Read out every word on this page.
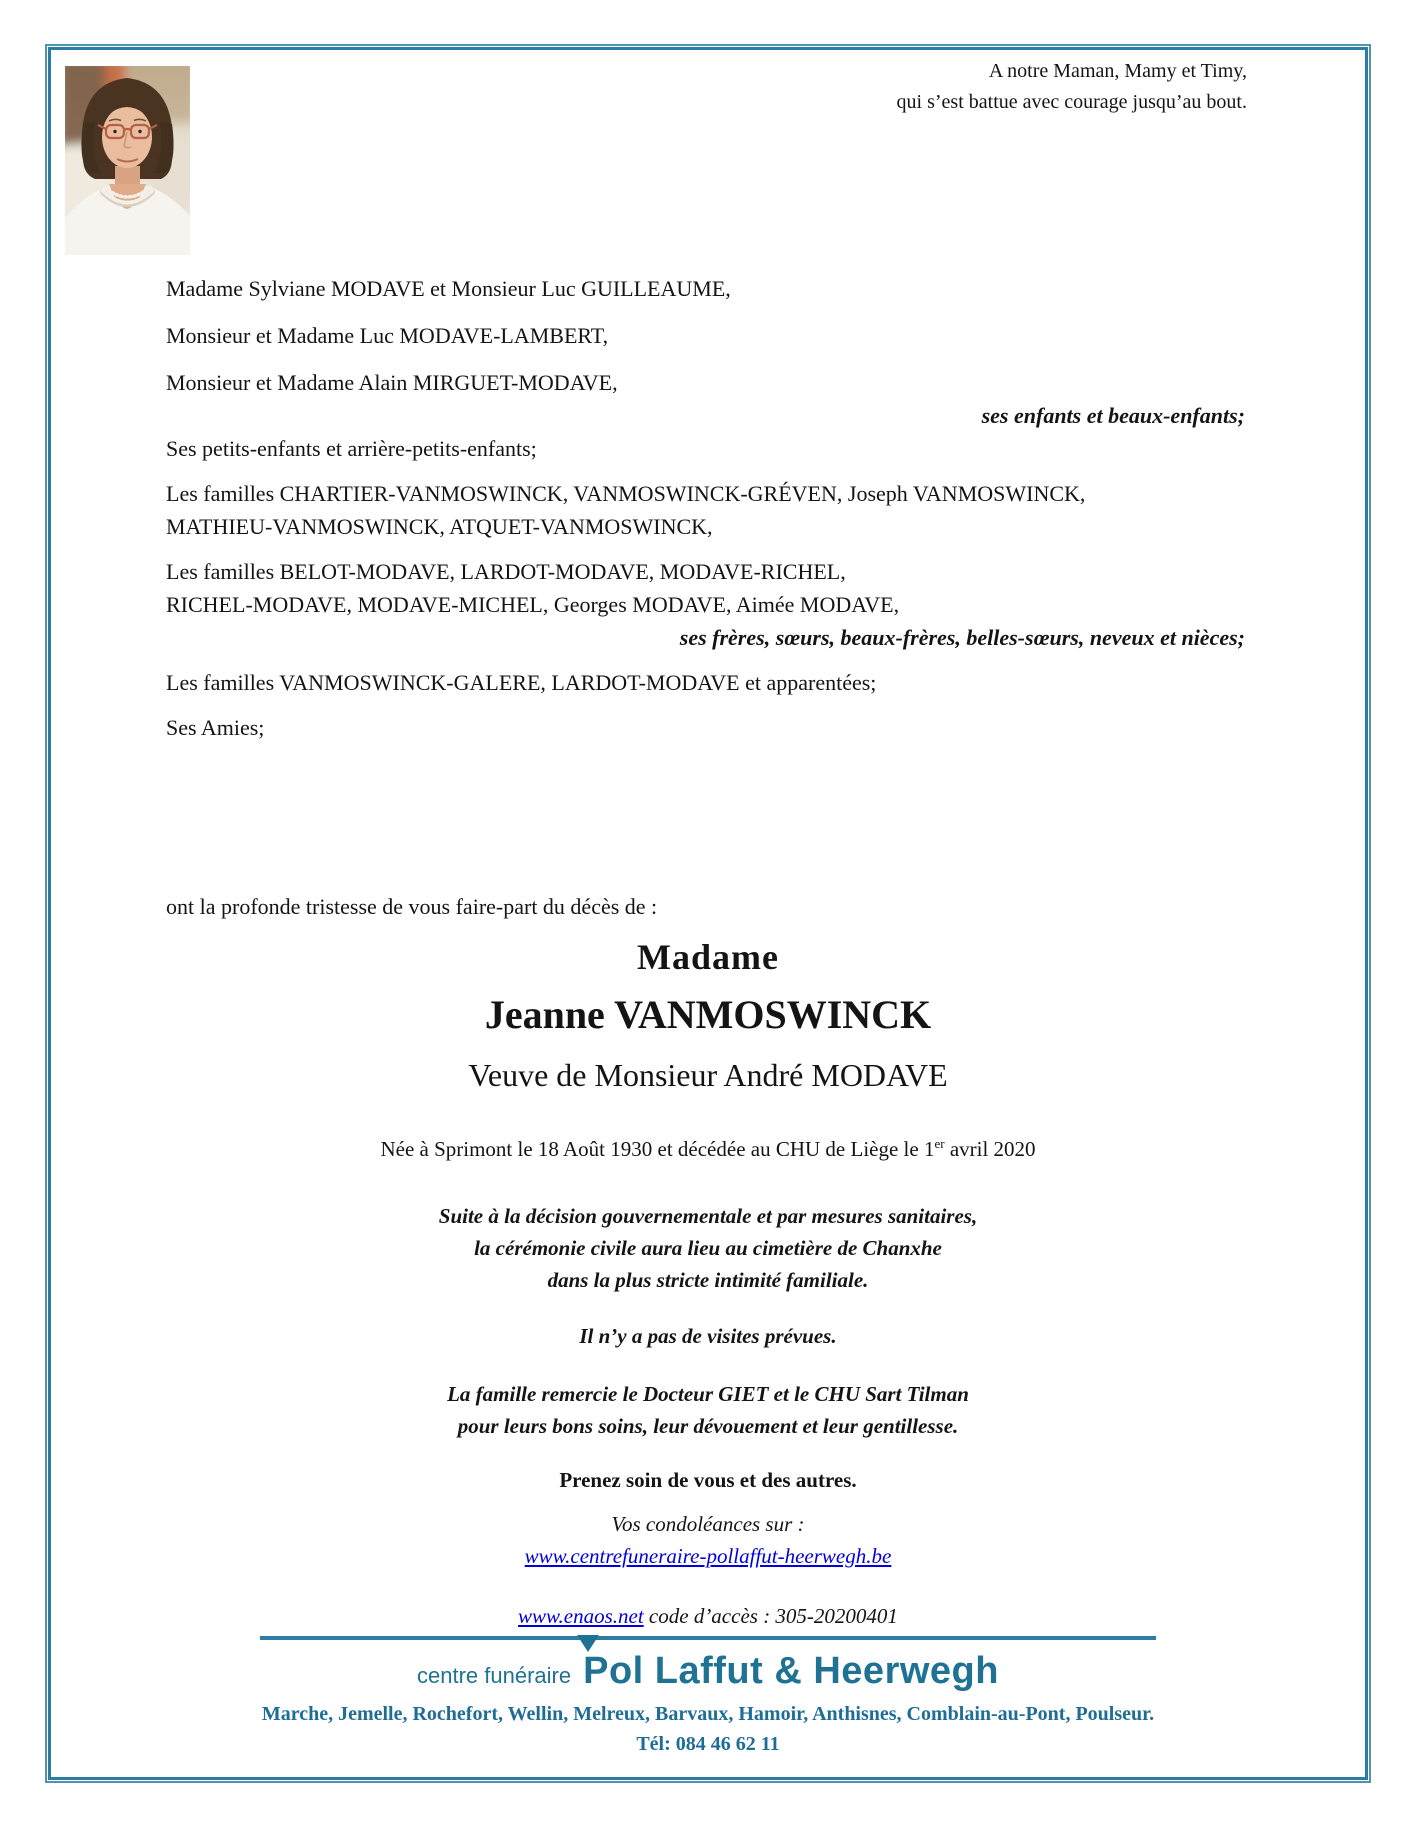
A notre Maman, Mamy et Timy,
qui s’est battue avec courage jusqu’au bout.

Madame Sylviane MODAVE et Monsieur Luc GUILLEAUME,

Monsieur et Madame Luc MODAVE-LAMBERT,

Monsieur et Madame Alain MIRGUET-MODAVE,

ses enfants et beaux-enfants;

Ses petits-enfants et arrière-petits-enfants;

Les familles CHARTIER-VANMOSWINCK, VANMOSWINCK-GRÉVEN, Joseph VANMOSWINCK,

MATHIEU-VANMOSWINCK, ATQUET-VANMOSWINCK,

Les familles BELOT-MODAVE, LARDOT-MODAVE, MODAVE-RICHEL,

RICHEL-MODAVE, MODAVE-MICHEL, Georges MODAVE, Aimée MODAVE,

ses frères, sœurs, beaux-frères, belles-sœurs, neveux et nièces;

Les familles VANMOSWINCK-GALERE, LARDOT-MODAVE et apparentées;

Ses Amies;

ont la profonde tristesse de vous faire-part du décès de :

Madame
Jeanne VANMOSWINCK
Veuve de Monsieur André MODAVE

Née à Sprimont le 18 Août 1930 et décédée au CHU de Liège le 1er avril 2020

Suite à la décision gouvernementale et par mesures sanitaires,

la cérémonie civile aura lieu au cimetière de Chanxhe

dans la plus stricte intimité familiale.

Il n’y a pas de visites prévues.

La famille remercie le Docteur GIET et le CHU Sart Tilman

pour leurs bons soins, leur dévouement et leur gentillesse.

Prenez soin de vous et des autres.

Vos condoléances sur :

www.centrefuneraire-pollaffut-heerwegh.be

www.enaos.net code d’accès : 305-20200401

centre funéraire Pol Laffut & Heerwegh

Marche, Jemelle, Rochefort, Wellin, Melreux, Barvaux, Hamoir, Anthisnes, Comblain-au-Pont, Poulseur.

Tél: 084 46 62 11
